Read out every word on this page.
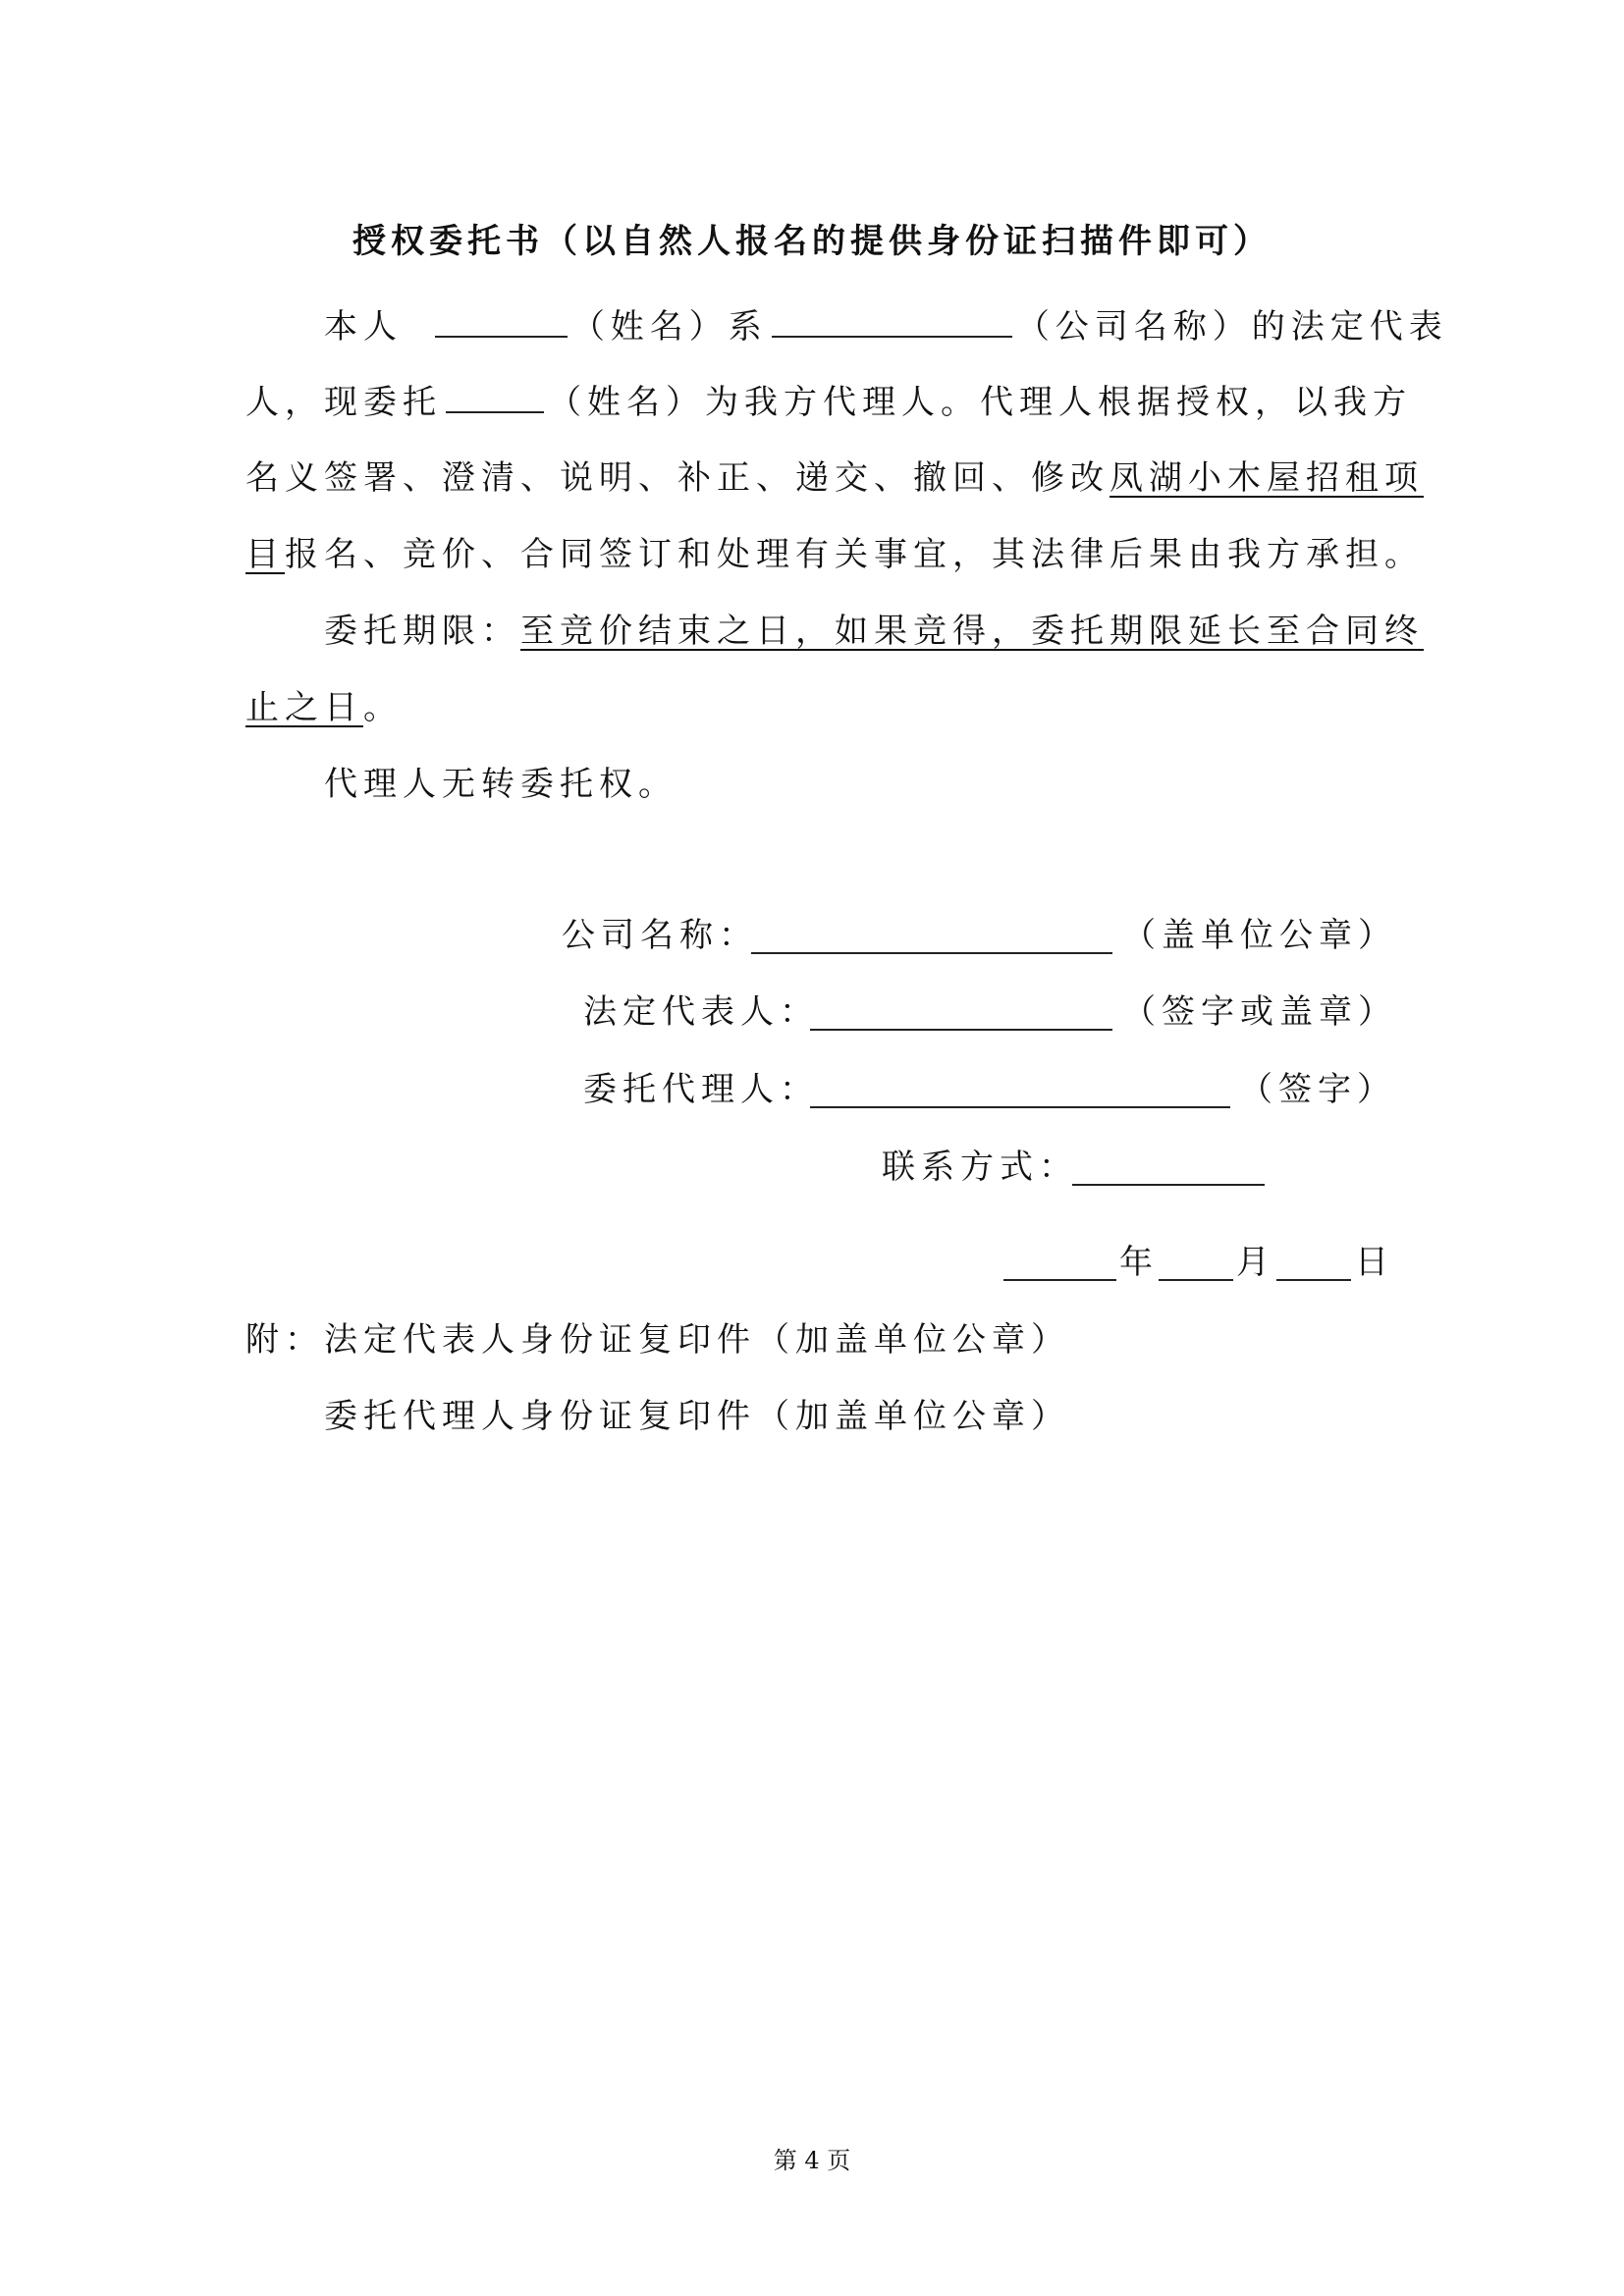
授权委托书（以自然人报名的提供身份证扫描件即可）
本人	（姓名）系	（公司名称）的法定代表
人，现委托	（姓名）为我方代理人。代理人根据授权，以我方
名义签署、澄清、说明、补正、递交、撤回、修改凤湖小木屋招租项
目报名、竞价、合同签订和处理有关事宜，其法律后果由我方承担。
委托期限：至竞价结束之日，如果竞得，委托期限延长至合同终
止之日。
代理人无转委托权。
公司名称：	（盖单位公章）
法定代表人：	（签字或盖章）
委托代理人：	（签字）
联系方式：
年 月 日
附：法定代表人身份证复印件（加盖单位公章）
委托代理人身份证复印件（加盖单位公章）
第 4 页
